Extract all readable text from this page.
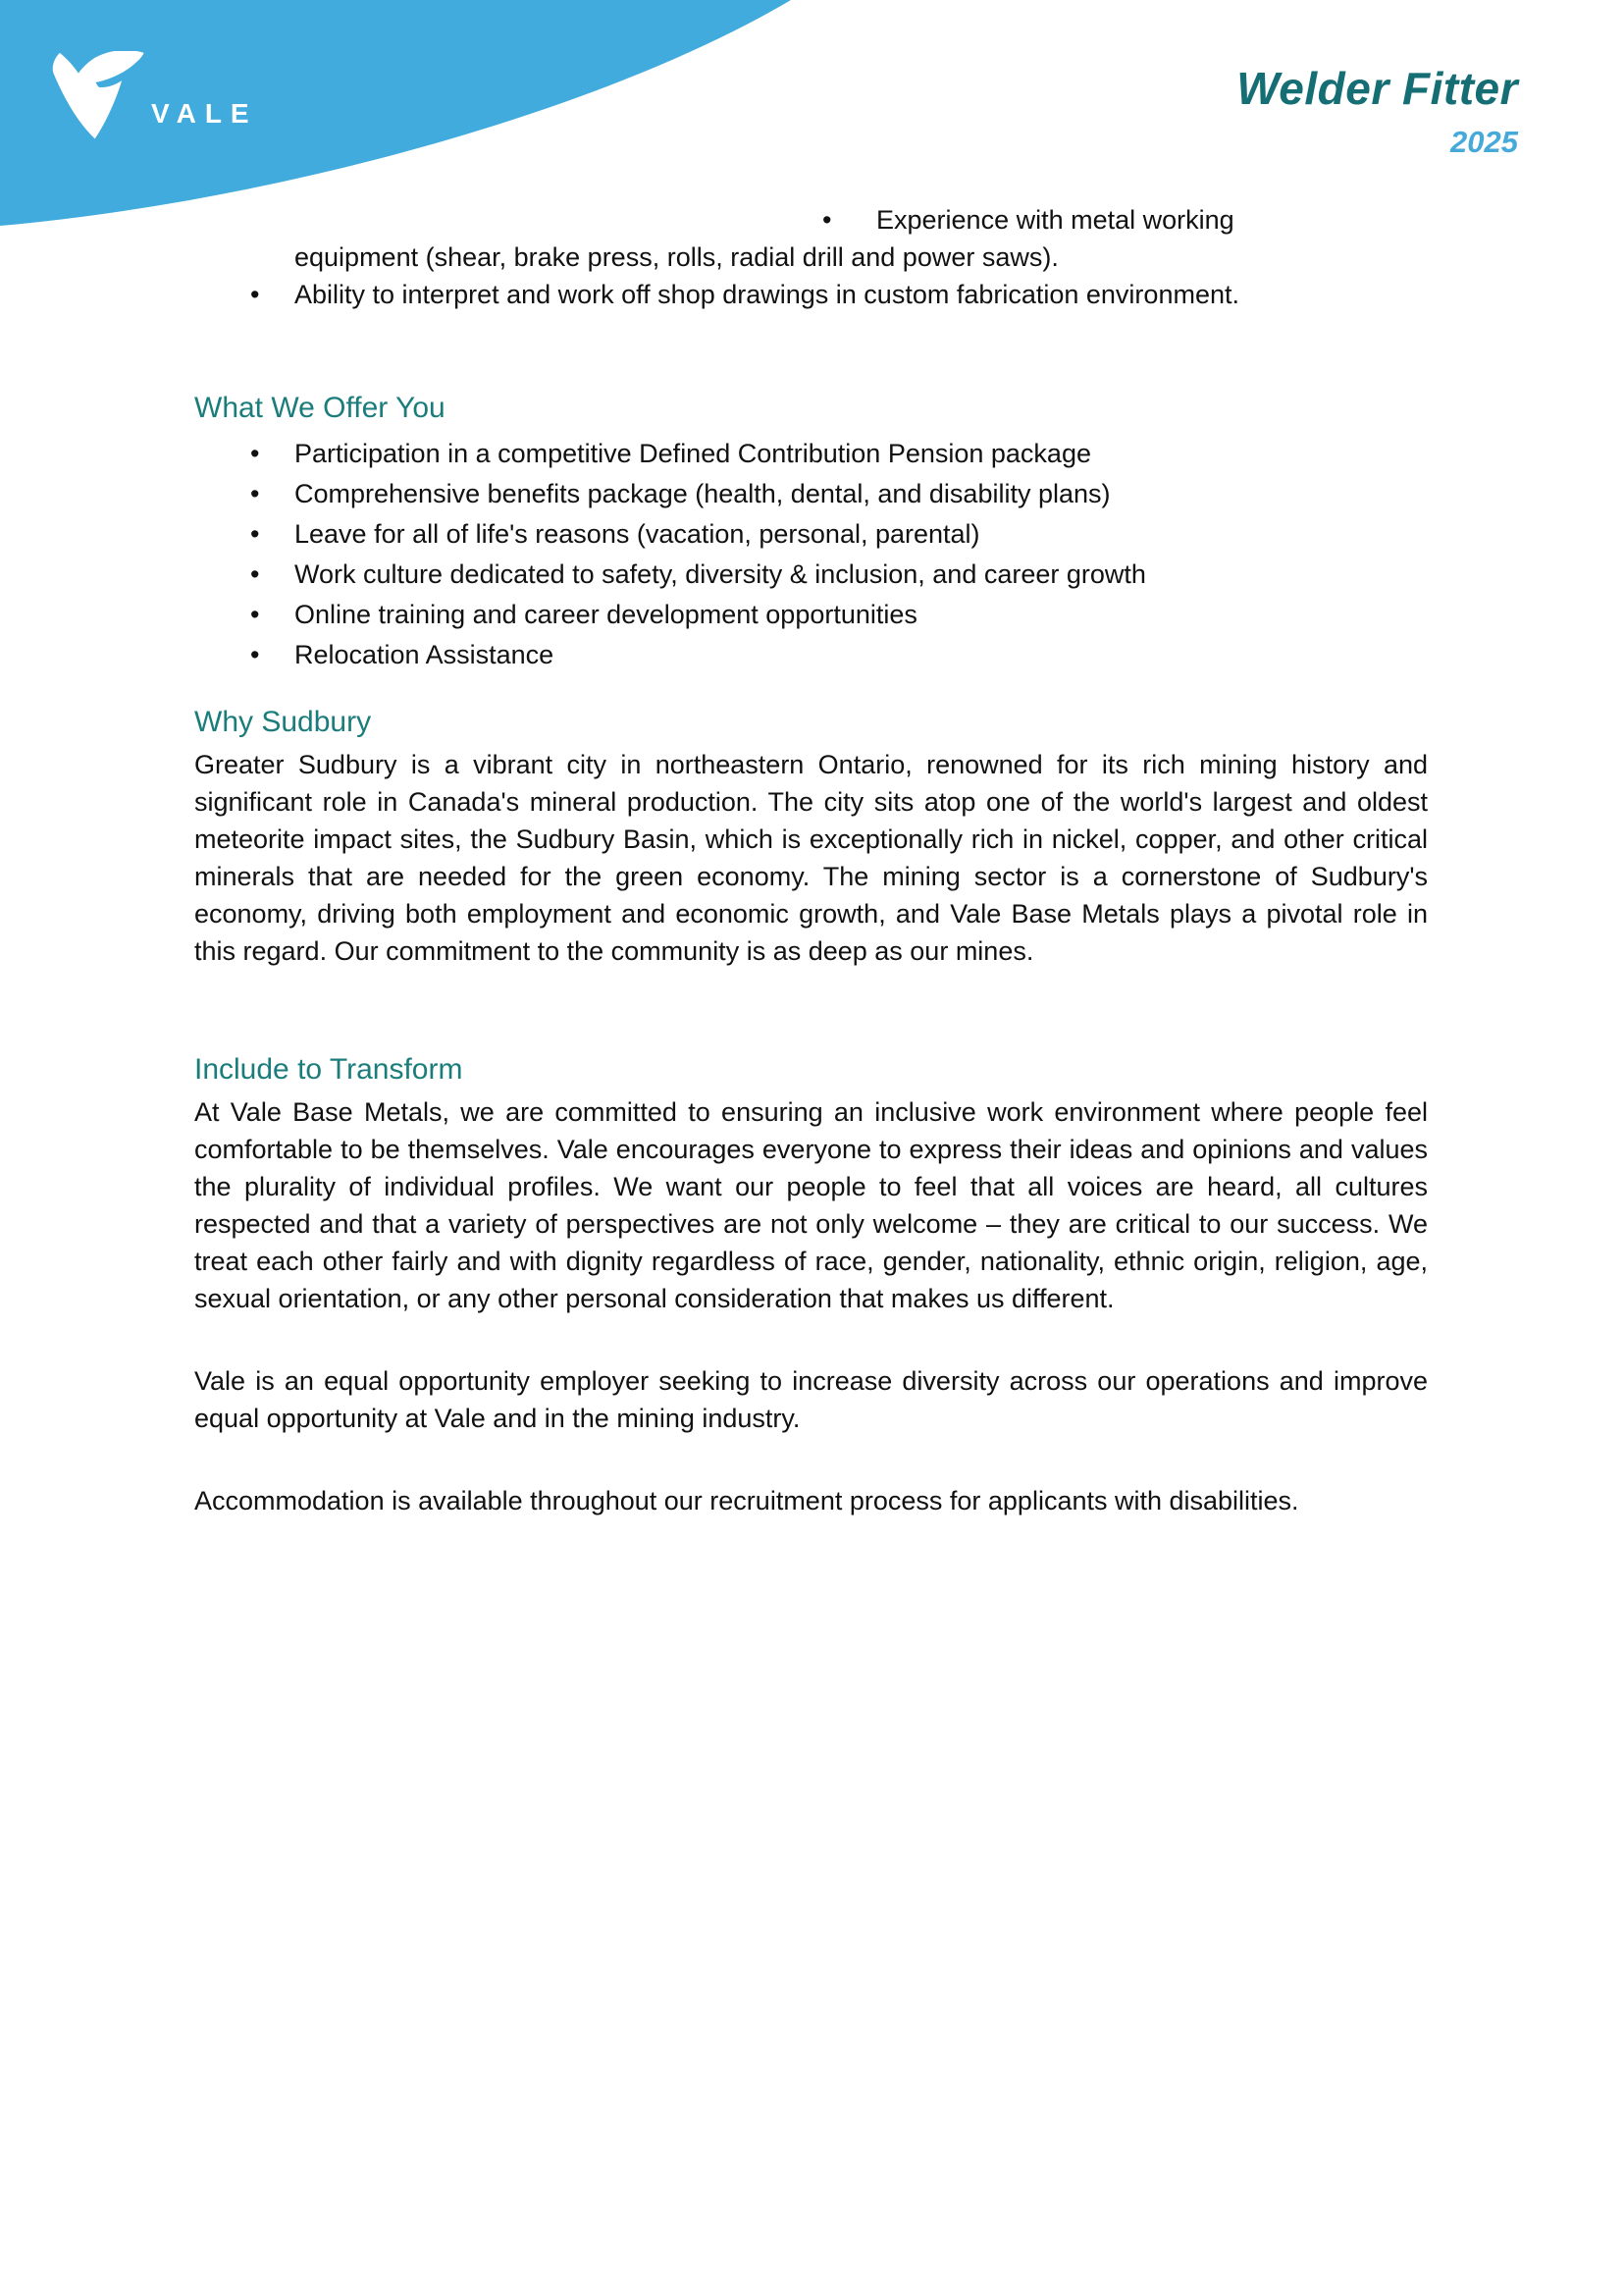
VALE	Welder Fitter
2025
• Experience with metal working
equipment (shear, brake press, rolls, radial drill and power saws).
• Ability to interpret and work off shop drawings in custom fabrication environment.
What We Offer You
• Participation in a competitive Defined Contribution Pension package
• Comprehensive benefits package (health, dental, and disability plans)
• Leave for all of life's reasons (vacation, personal, parental)
• Work culture dedicated to safety, diversity & inclusion, and career growth
• Online training and career development opportunities
• Relocation Assistance
Why Sudbury
Greater Sudbury is a vibrant city in northeastern Ontario, renowned for its rich mining history and significant role in Canada's mineral production. The city sits atop one of the world's largest and oldest meteorite impact sites, the Sudbury Basin, which is exceptionally rich in nickel, copper, and other critical minerals that are needed for the green economy. The mining sector is a cornerstone of Sudbury's economy, driving both employment and economic growth, and Vale Base Metals plays a pivotal role in this regard. Our commitment to the community is as deep as our mines.
Include to Transform
At Vale Base Metals, we are committed to ensuring an inclusive work environment where people feel comfortable to be themselves. Vale encourages everyone to express their ideas and opinions and values the plurality of individual profiles. We want our people to feel that all voices are heard, all cultures respected and that a variety of perspectives are not only welcome – they are critical to our success. We treat each other fairly and with dignity regardless of race, gender, nationality, ethnic origin, religion, age, sexual orientation, or any other personal consideration that makes us different.
Vale is an equal opportunity employer seeking to increase diversity across our operations and improve equal opportunity at Vale and in the mining industry.
Accommodation is available throughout our recruitment process for applicants with disabilities.
